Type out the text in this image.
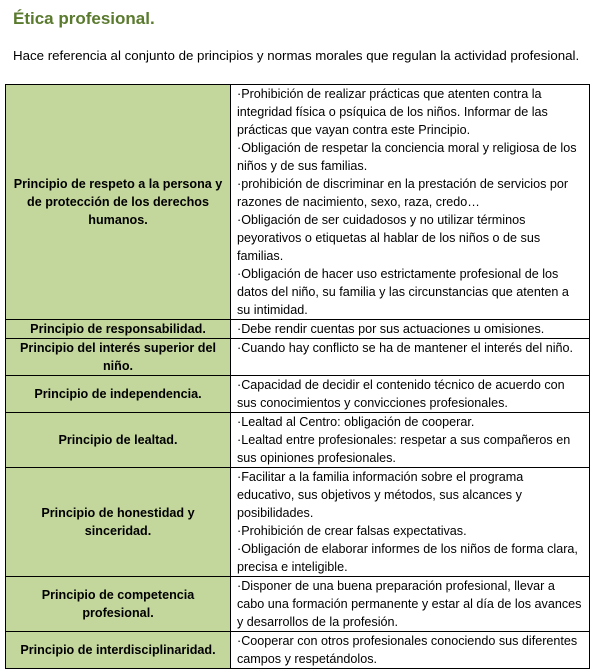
Ética profesional.
Hace referencia al conjunto de principios y normas morales que regulan la actividad profesional.
Principio de respeto a la persona y de protección de los derechos humanos.	·Prohibición de realizar prácticas que atenten contra la integridad física o psíquica de los niños. Informar de las prácticas que vayan contra este Principio.
·Obligación de respetar la conciencia moral y religiosa de los niños y de sus familias.
·prohibición de discriminar en la prestación de servicios por razones de nacimiento, sexo, raza, credo…
·Obligación de ser cuidadosos y no utilizar términos peyorativos o etiquetas al hablar de los niños o de sus familias.
·Obligación de hacer uso estrictamente profesional de los datos del niño, su familia y las circunstancias que atenten a su intimidad.

Principio de responsabilidad.	·Debe rendir cuentas por sus actuaciones u omisiones.

Principio del interés superior del niño.	·Cuando hay conflicto se ha de mantener el interés del niño.

Principio de independencia.	·Capacidad de decidir el contenido técnico de acuerdo con sus conocimientos y convicciones profesionales.

Principio de lealtad.	·Lealtad al Centro: obligación de cooperar.
·Lealtad entre profesionales: respetar a sus compañeros en sus opiniones profesionales.

Principio de honestidad y sinceridad.	·Facilitar a la familia información sobre el programa educativo, sus objetivos y métodos, sus alcances y posibilidades.
·Prohibición de crear falsas expectativas.
·Obligación de elaborar informes de los niños de forma clara, precisa e inteligible.

Principio de competencia profesional.	·Disponer de una buena preparación profesional, llevar a cabo una formación permanente y estar al día de los avances y desarrollos de la profesión.

Principio de interdisciplinaridad.	·Cooperar con otros profesionales conociendo sus diferentes campos y respetándolos.
